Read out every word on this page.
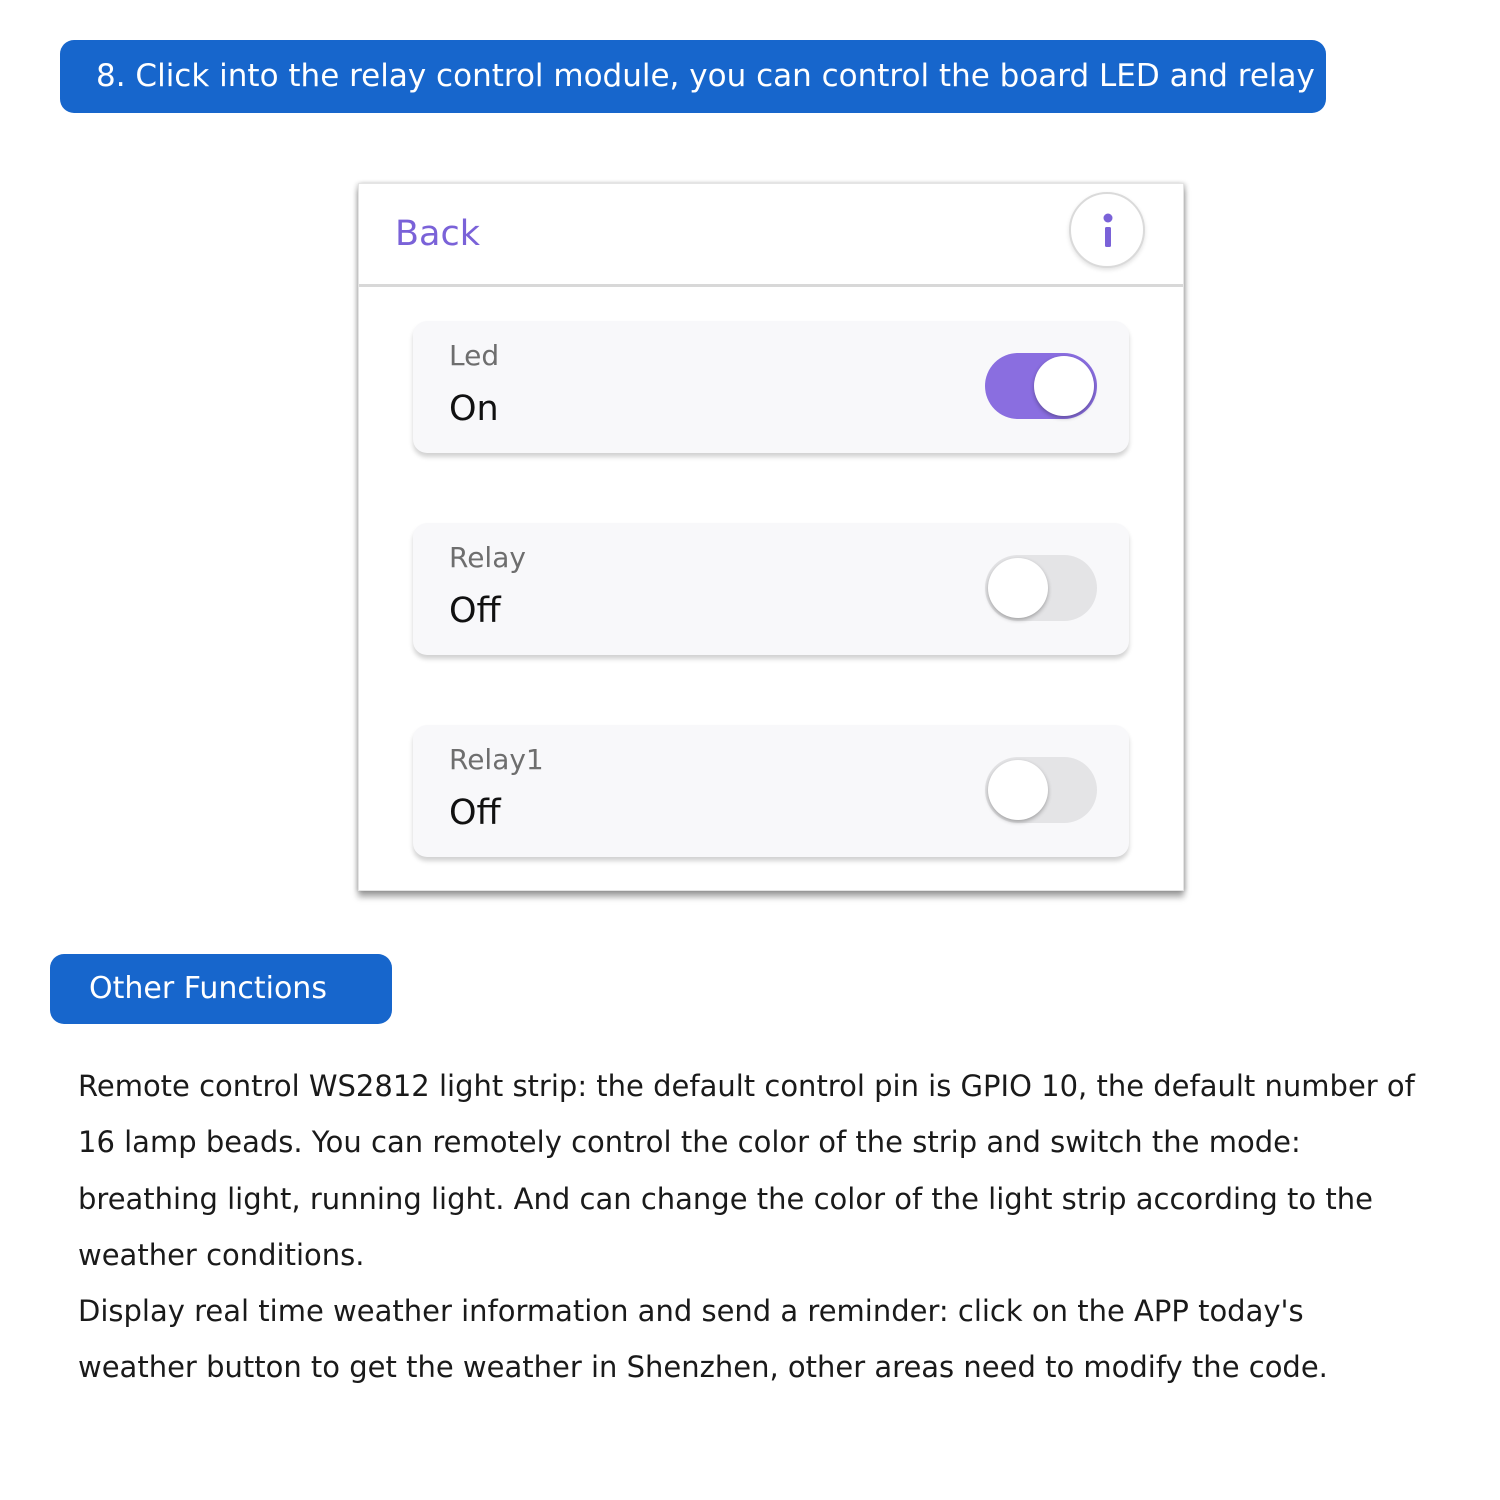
8. Click into the relay control module, you can control the board LED and relay
Back
Led
On
Relay
Off
Relay1
Off
Other Functions

Remote control WS2812 light strip: the default control pin is GPIO 10, the default number of 16 lamp beads. You can remotely control the color of the strip and switch the mode: breathing light, running light. And can change the color of the light strip according to the weather conditions.

Display real time weather information and send a reminder: click on the APP today's weather button to get the weather in Shenzhen, other areas need to modify the code.
